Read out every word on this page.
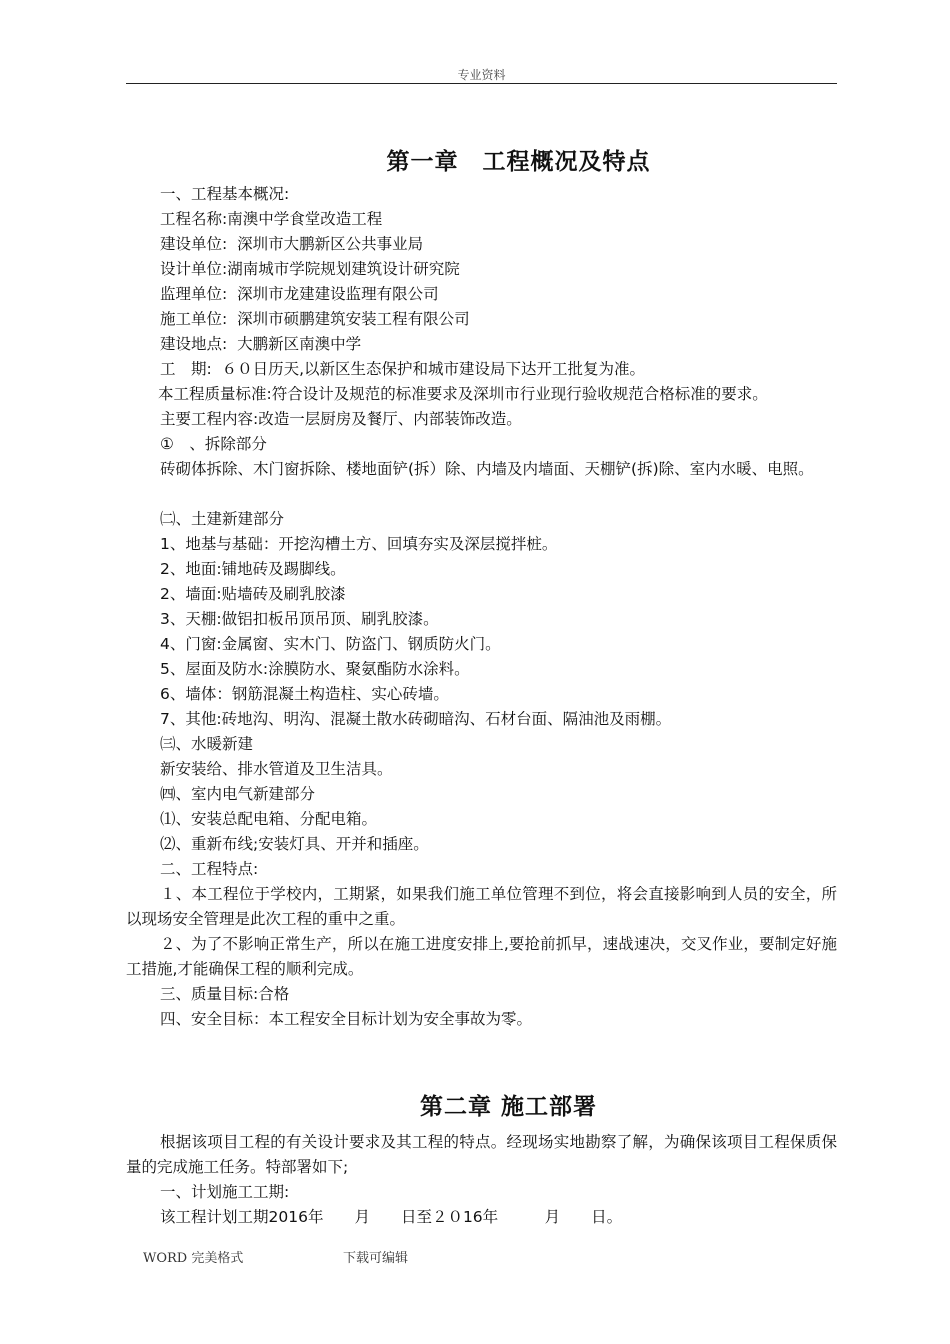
专业资料
第一章　工程概况及特点
一、工程基本概况:
工程名称:南澳中学食堂改造工程
建设单位:  深圳市大鹏新区公共事业局
设计单位:湖南城市学院规划建筑设计研究院
监理单位:  深圳市龙建建设监理有限公司
施工单位:  深圳市硕鹏建筑安装工程有限公司
建设地点:  大鹏新区南澳中学
工　期:  ６０日历天,以新区生态保护和城市建设局下达开工批复为准。
本工程质量标准:符合设计及规范的标准要求及深圳市行业现行验收规范合格标准的要求。
主要工程内容:改造一层厨房及餐厅、内部装饰改造。
①　、拆除部分
砖砌体拆除、木门窗拆除、楼地面铲(拆）除、内墙及内墙面、天棚铲(拆)除、室内水暖、电照。
㈡、土建新建部分
1、地基与基础：开挖沟槽土方、回填夯实及深层搅拌桩。
2、地面:铺地砖及踢脚线。
2、墙面:贴墙砖及刷乳胶漆
3、天棚:做铝扣板吊顶吊顶、刷乳胶漆。
4、门窗:金属窗、实木门、防盗门、钢质防火门。
5、屋面及防水:涂膜防水、聚氨酯防水涂料。
6、墙体：钢筋混凝土构造柱、实心砖墙。
7、其他:砖地沟、明沟、混凝土散水砖砌暗沟、石材台面、隔油池及雨棚。
㈢、水暖新建
新安装给、排水管道及卫生洁具。
㈣、室内电气新建部分
⑴、安装总配电箱、分配电箱。
⑵、重新布线;安装灯具、开并和插座。
二、工程特点:
１、本工程位于学校内，工期紧，如果我们施工单位管理不到位，将会直接影响到人员的安全，所以现场安全管理是此次工程的重中之重。
２、为了不影响正常生产，所以在施工进度安排上,要抢前抓早，速战速决，交叉作业，要制定好施工措施,才能确保工程的顺利完成。
三、质量目标:合格
四、安全目标：本工程安全目标计划为安全事故为零。
第二章 施工部署
根据该项目工程的有关设计要求及其工程的特点。经现场实地勘察了解，为确保该项目工程保质保量的完成施工任务。特部署如下;
一、计划施工工期:
该工程计划工期2016年　　月　　日至２０16年　　　月　　日。
WORD 完美格式	下载可编辑
